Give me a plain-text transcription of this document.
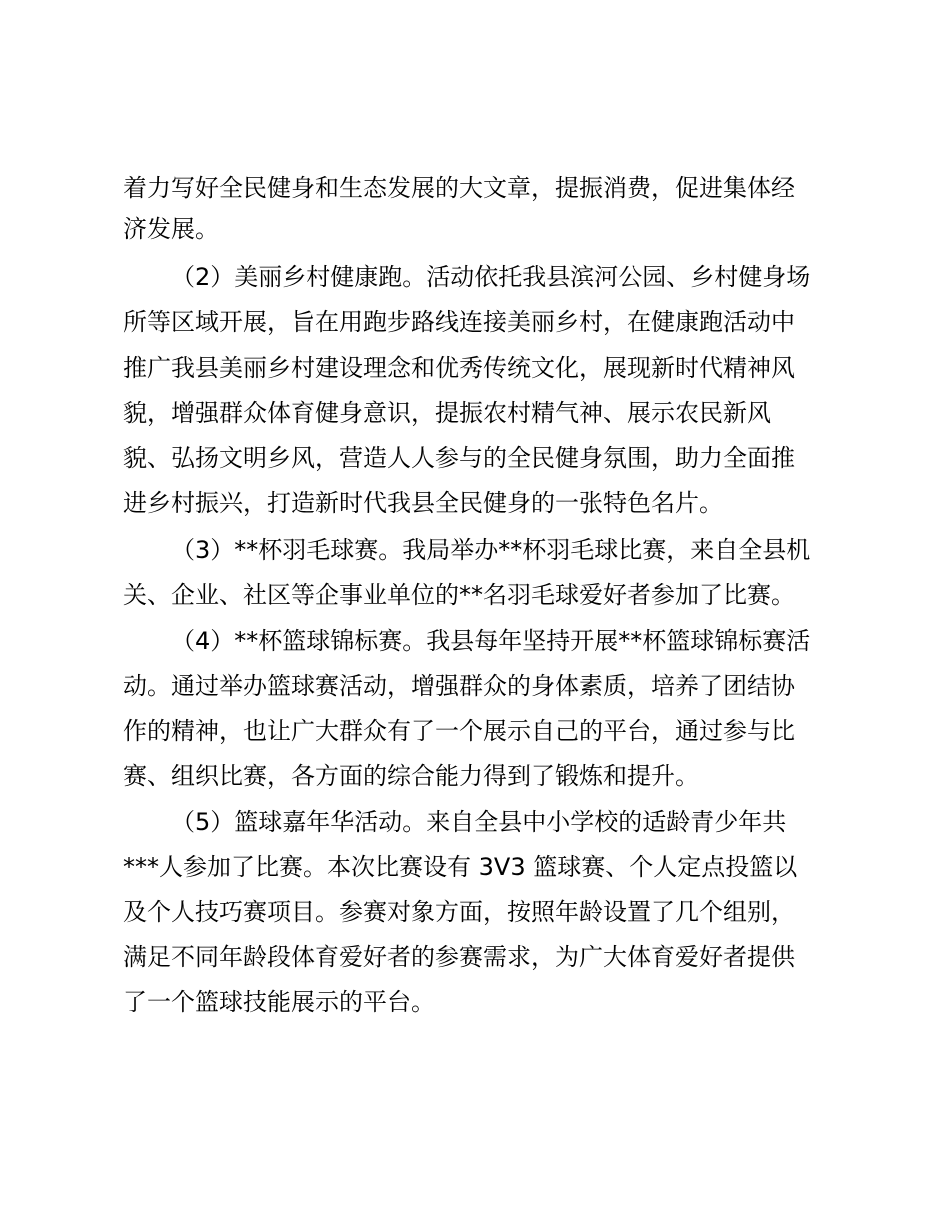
着力写好全民健身和生态发展的大文章，提振消费，促进集体经
济发展。
（2）美丽乡村健康跑。活动依托我县滨河公园、乡村健身场
所等区域开展，旨在用跑步路线连接美丽乡村，在健康跑活动中
推广我县美丽乡村建设理念和优秀传统文化，展现新时代精神风
貌，增强群众体育健身意识，提振农村精气神、展示农民新风
貌、弘扬文明乡风，营造人人参与的全民健身氛围，助力全面推
进乡村振兴，打造新时代我县全民健身的一张特色名片。
（3）**杯羽毛球赛。我局举办**杯羽毛球比赛，来自全县机
关、企业、社区等企事业单位的**名羽毛球爱好者参加了比赛。
（4）**杯篮球锦标赛。我县每年坚持开展**杯篮球锦标赛活
动。通过举办篮球赛活动，增强群众的身体素质，培养了团结协
作的精神，也让广大群众有了一个展示自己的平台，通过参与比
赛、组织比赛，各方面的综合能力得到了锻炼和提升。
（5）篮球嘉年华活动。来自全县中小学校的适龄青少年共
***人参加了比赛。本次比赛设有 3V3 篮球赛、个人定点投篮以
及个人技巧赛项目。参赛对象方面，按照年龄设置了几个组别，
满足不同年龄段体育爱好者的参赛需求，为广大体育爱好者提供
了一个篮球技能展示的平台。
